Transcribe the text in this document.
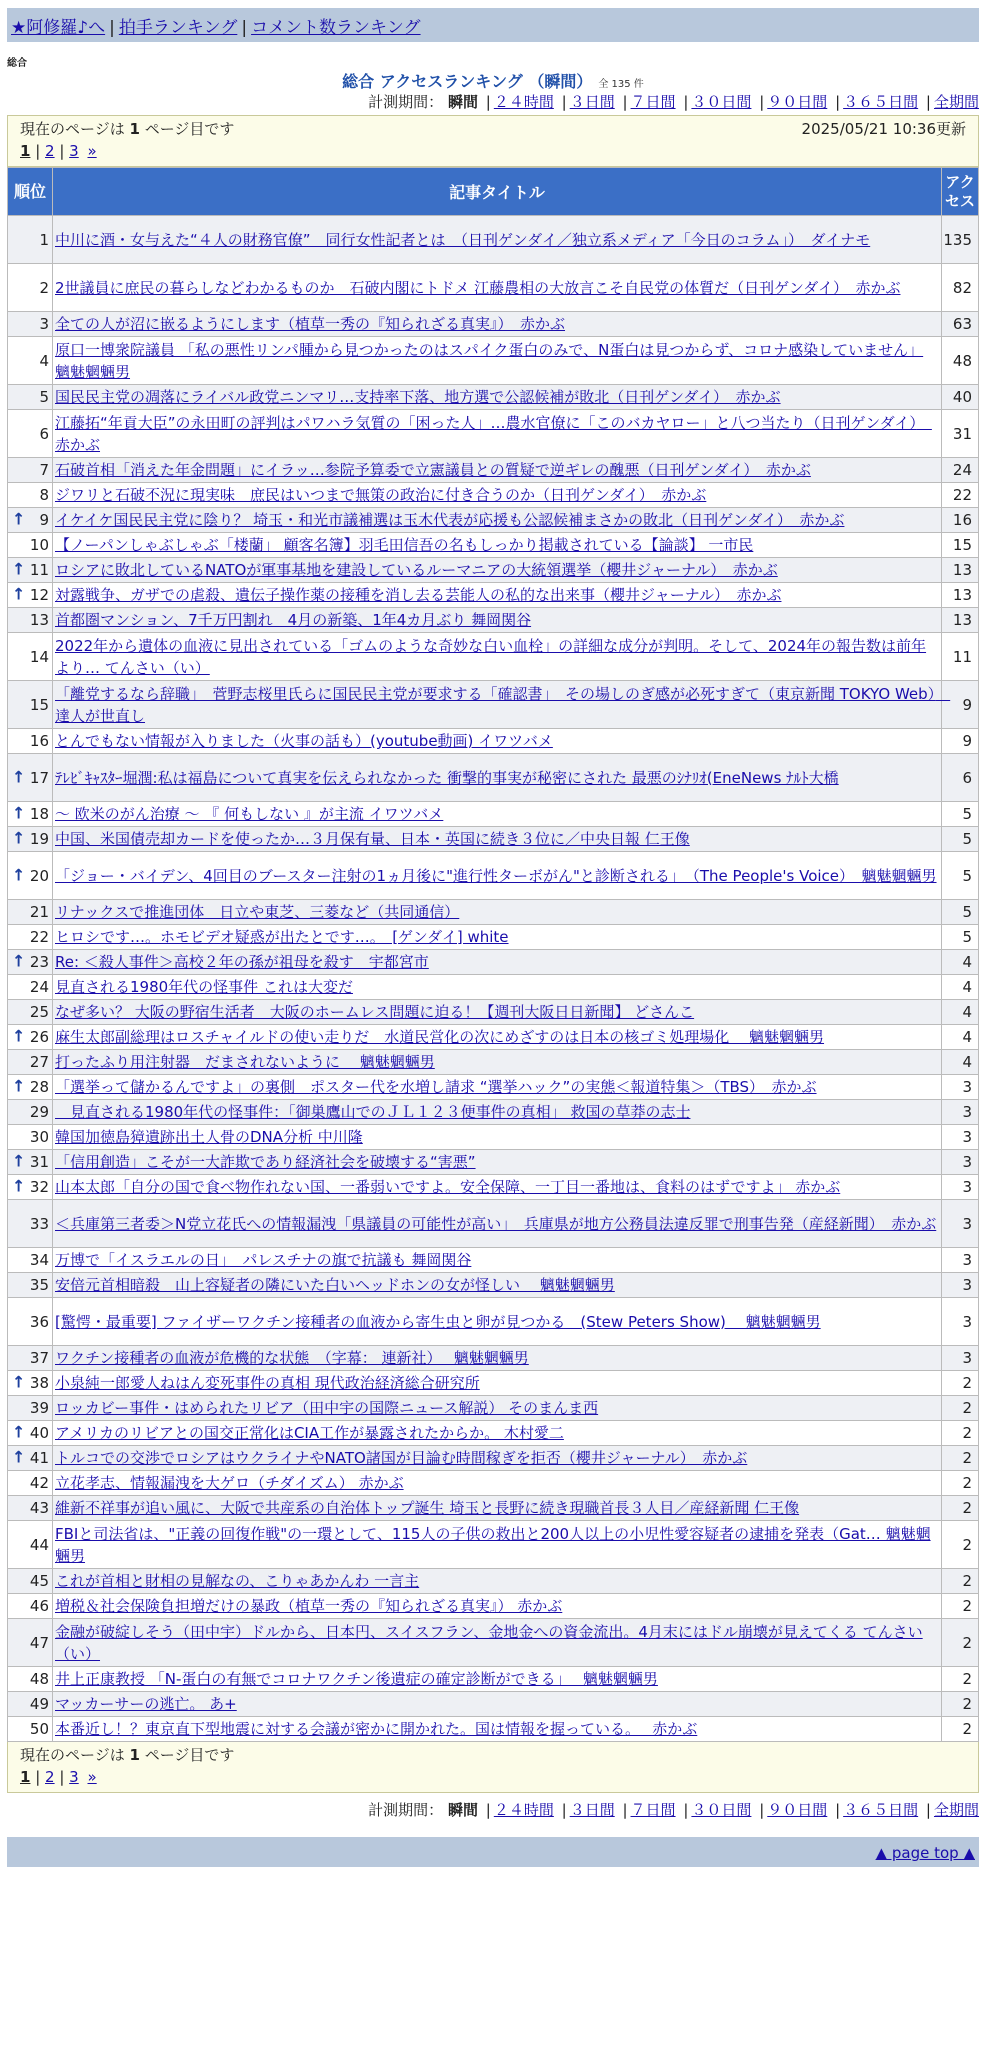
★阿修羅♪へ | 拍手ランキング | コメント数ランキング
総合
総合 アクセスランキング （瞬間） 全 135 件
計測期間： 瞬間 | ２４時間 | ３日間 | ７日間 | ３０日間 | ９０日間 | ３６５日間 | 全期間
現在のページは 1 ページ目です	2025/05/21 10:36更新
1 | 2 | 3 »
順位	記事タイトル	アクセス
1	中川に酒・女与えた“４人の財務官僚”　同行女性記者とは　（日刊ゲンダイ／独立系メディア「今日のコラム」）　ダイナモ	135
2	2世議員に庶民の暮らしなどわかるものか　石破内閣にトドメ 江藤農相の大放言こそ自民党の体質だ（日刊ゲンダイ）　赤かぶ	82
3	全ての人が沼に嵌るようにします（植草一秀の『知られざる真実』）　赤かぶ	63
4	原口一博衆院議員 「私の悪性リンパ腫から見つかったのはスパイク蛋白のみで、N蛋白は見つからず、コロナ感染していません」 魑魅魍魎男	48
5	国民民主党の凋落にライバル政党ニンマリ…支持率下落、地方選で公認候補が敗北（日刊ゲンダイ）　赤かぶ	40
6	江藤拓“年貢大臣”の永田町の評判はパワハラ気質の「困った人」…農水官僚に「このバカヤロー」と八つ当たり（日刊ゲンダイ）　赤かぶ	31
7	石破首相「消えた年金問題」にイラッ…参院予算委で立憲議員との質疑で逆ギレの醜悪（日刊ゲンダイ）　赤かぶ	24
8	ジワリと石破不況に現実味　庶民はいつまで無策の政治に付き合うのか（日刊ゲンダイ）　赤かぶ	22

↑ 9	イケイケ国民民主党に陰り？ 埼玉・和光市議補選は玉木代表が応援も公認候補まさかの敗北（日刊ゲンダイ）　赤かぶ	16
10	【ノーパンしゃぶしゃぶ「楼蘭」 顧客名簿】羽毛田信吾の名もしっかり掲載されている【論談】 一市民	15

↑ 11	ロシアに敗北しているNATOが軍事基地を建設しているルーマニアの大統領選挙（櫻井ジャーナル）　赤かぶ	13

↑ 12	対露戦争、ガザでの虐殺、遺伝子操作薬の接種を消し去る芸能人の私的な出来事（櫻井ジャーナル）　赤かぶ	13
13	首都圏マンション、7千万円割れ　4月の新築、1年4カ月ぶり 舞岡関谷	13
14	2022年から遺体の血液に見出されている「ゴムのような奇妙な白い血栓」の詳細な成分が判明。そして、2024年の報告数は前年より… てんさい（い）	11
15	「離党するなら辞職」　菅野志桜里氏らに国民民主党が要求する「確認書」　その場しのぎ感が必死すぎて（東京新聞 TOKYO Web）　達人が世直し	9
16	とんでもない情報が入りました（火事の話も）(youtube動画) イワツバメ	9

↑ 17	ﾃﾚﾋﾞｷｬｽﾀｰ堀潤:私は福島について真実を伝えられなかった 衝撃的事実が秘密にされた 最悪のｼﾅﾘｵ(EneNews ﾅﾙﾄ大橋	6

↑ 18	～ 欧米のがん治療 ～ 『 何もしない 』が主流 イワツバメ	5

↑ 19	中国、米国債売却カードを使ったか…３月保有量、日本・英国に続き３位に／中央日報 仁王像	5

↑ 20	「ジョー・バイデン、4回目のブースター注射の1ヵ月後に"進行性ターボがん"と診断される」　（The People's Voice）　魑魅魍魎男	5
21	リナックスで推進団体　日立や東芝、三菱など（共同通信）	5
22	ヒロシです…。ホモビデオ疑惑が出たとです…。　[ゲンダイ] white	5

↑ 23	Re: ＜殺人事件＞高校２年の孫が祖母を殺す　宇都宮市	4
24	見直される1980年代の怪事件 これは大変だ	4
25	なぜ多い？ 大阪の野宿生活者　大阪のホームレス問題に迫る！【週刊大阪日日新聞】 どさんこ	4

↑ 26	麻生太郎副総理はロスチャイルドの使い走りだ　水道民営化の次にめざすのは日本の核ゴミ処理場化　 魑魅魍魎男	4
27	打ったふり用注射器　だまされないように　 魑魅魍魎男	4

↑ 28	「選挙って儲かるんですよ」の裏側　ポスター代を水増し請求 “選挙ハック”の実態＜報道特集＞（TBS）　赤かぶ	3
29	　見直される1980年代の怪事件：「御巣鷹山でのＪＬ１２３便事件の真相」 救国の草莽の志士	3
30	韓国加徳島獐遺跡出土人骨のDNA分析 中川隆	3

↑ 31	「信用創造」こそが一大詐欺であり経済社会を破壊する“害悪”	3

↑ 32	山本太郎「自分の国で食べ物作れない国、一番弱いですよ。安全保障、一丁目一番地は、食料のはずですよ」 赤かぶ	3
33	＜兵庫第三者委＞N党立花氏への情報漏洩「県議員の可能性が高い」　兵庫県が地方公務員法違反罪で刑事告発（産経新聞）　赤かぶ	3
34	万博で「イスラエルの日」　パレスチナの旗で抗議も 舞岡関谷	3
35	安倍元首相暗殺　山上容疑者の隣にいた白いヘッドホンの女が怪しい　 魑魅魍魎男	3
36	[驚愕・最重要] ファイザーワクチン接種者の血液から寄生虫と卵が見つかる　(Stew Peters Show)　 魑魅魍魎男	3
37	ワクチン接種者の血液が危機的な状態　（字幕： 連新社）　 魑魅魍魎男	3

↑ 38	小泉純一郎愛人ねはん変死事件の真相 現代政治経済総合研究所	2
39	ロッカビー事件・はめられたリビア（田中宇の国際ニュース解説） そのまんま西	2

↑ 40	アメリカのリビアとの国交正常化はCIA工作が暴露されたからか。 木村愛二	2

↑ 41	トルコでの交渉でロシアはウクライナやNATO諸国が目論む時間稼ぎを拒否（櫻井ジャーナル）　赤かぶ	2
42	立花孝志、情報漏洩を大ゲロ（チダイズム） 赤かぶ	2
43	維新不祥事が追い風に、大阪で共産系の自治体トップ誕生 埼玉と長野に続き現職首長３人目／産経新聞 仁王像	2
44	FBIと司法省は、"正義の回復作戦"の一環として、115人の子供の救出と200人以上の小児性愛容疑者の逮捕を発表（Gat… 魑魅魍魎男	2
45	これが首相と財相の見解なの、こりゃあかんわ 一言主	2
46	増税＆社会保険負担増だけの暴政（植草一秀の『知られざる真実』） 赤かぶ	2
47	金融が破綻しそう（田中宇）ドルから、日本円、スイスフラン、金地金への資金流出。4月末にはドル崩壊が見えてくる てんさい（い）	2
48	井上正康教授 「N-蛋白の有無でコロナワクチン後遺症の確定診断ができる」　 魑魅魍魎男	2
49	マッカーサーの逃亡。 あ+	2
50	本番近し！？東京直下型地震に対する会議が密かに開かれた。国は情報を握っている。　 赤かぶ	2
現在のページは 1 ページ目です
1 | 2 | 3 »
計測期間： 瞬間 | ２４時間 | ３日間 | ７日間 | ３０日間 | ９０日間 | ３６５日間 | 全期間
▲ page top ▲
